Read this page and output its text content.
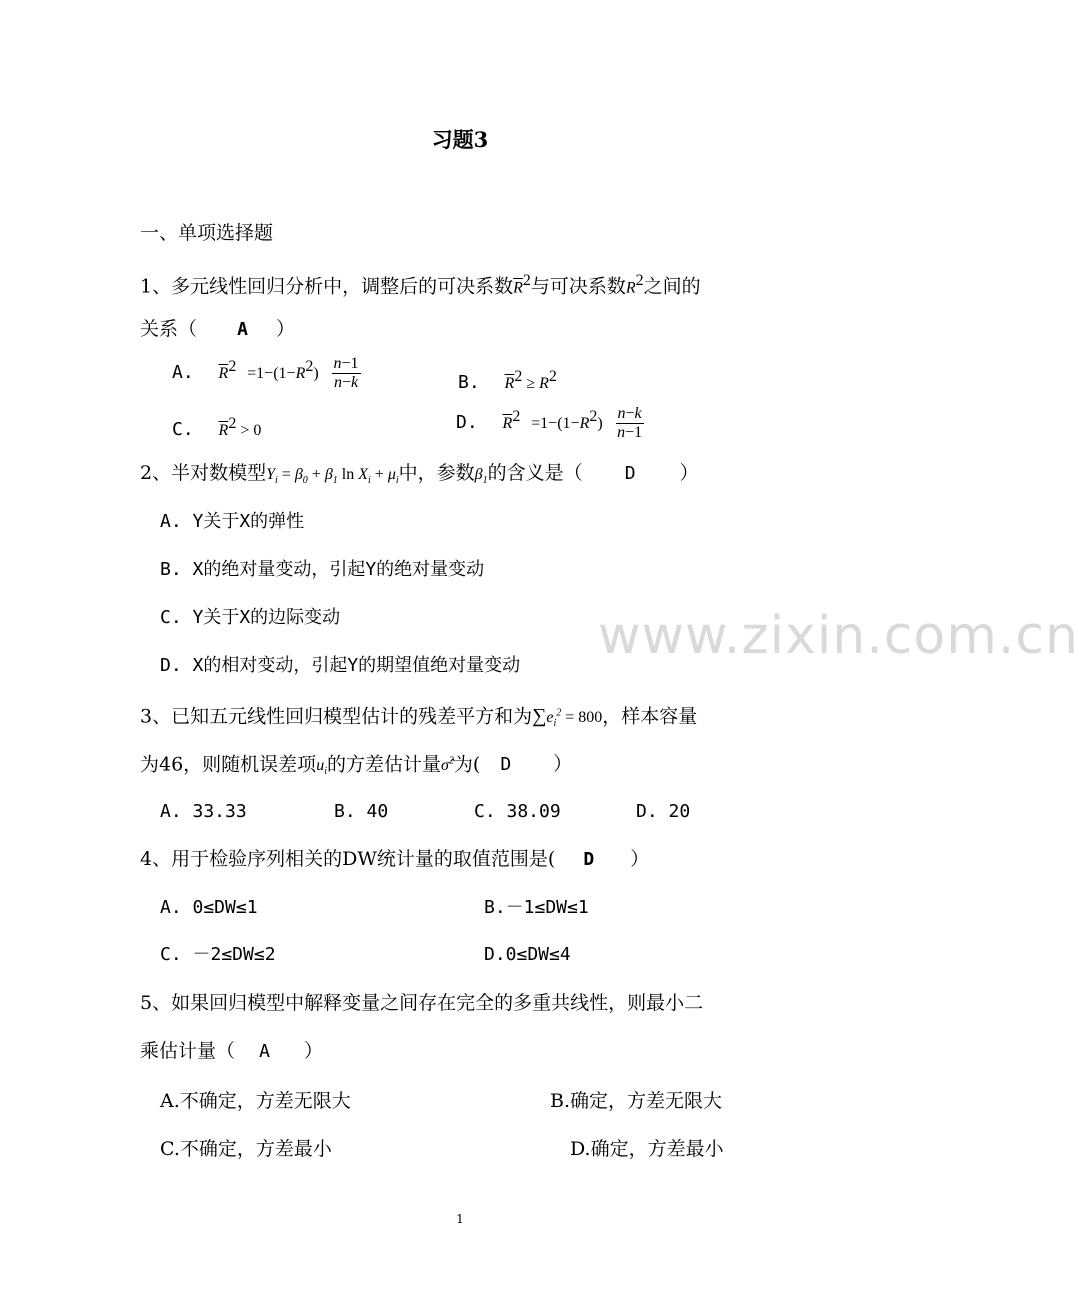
习题3
一、单项选择题
1、多元线性回归分析中，调整后的可决系数$\overline{R}^2$与可决系数$R^2$之间的
关系（ A ）
A. $\overline{R}^2 =1-(1-R^2) \frac{n-1}{n-k}$	B. $\overline{R}^2 \ge R^2$
C. $\overline{R}^2 > 0$	D. $\overline{R}^2 =1-(1-R^2) \frac{n-k}{n-1}$
2、半对数模型$Y_i = \beta_0 + \beta_1$ $\ln X_i + \mu_i$中，参数$\beta_1$的含义是（ D ）
A. Y关于X的弹性
B. X的绝对量变动，引起Y的绝对量变动
C. Y关于X的边际变动
D. X的相对变动，引起Y的期望值绝对量变动
3、已知五元线性回归模型估计的残差平方和为$\sum e_i^2 = 800$，样本容量
为46，则随机误差项$u_i$的方差估计量σ̂$^2$为( D ）
A. 33.33	B. 40	C. 38.09	D. 20
4、用于检验序列相关的DW统计量的取值范围是( D ）
A. 0≤DW≤1	B.－1≤DW≤1
C. －2≤DW≤2	D.0≤DW≤4
5、如果回归模型中解释变量之间存在完全的多重共线性，则最小二
乘估计量（ A ）
A.不确定，方差无限大	B.确定，方差无限大
C.不确定，方差最小	D.确定，方差最小
www.zixin.com.cn
1
